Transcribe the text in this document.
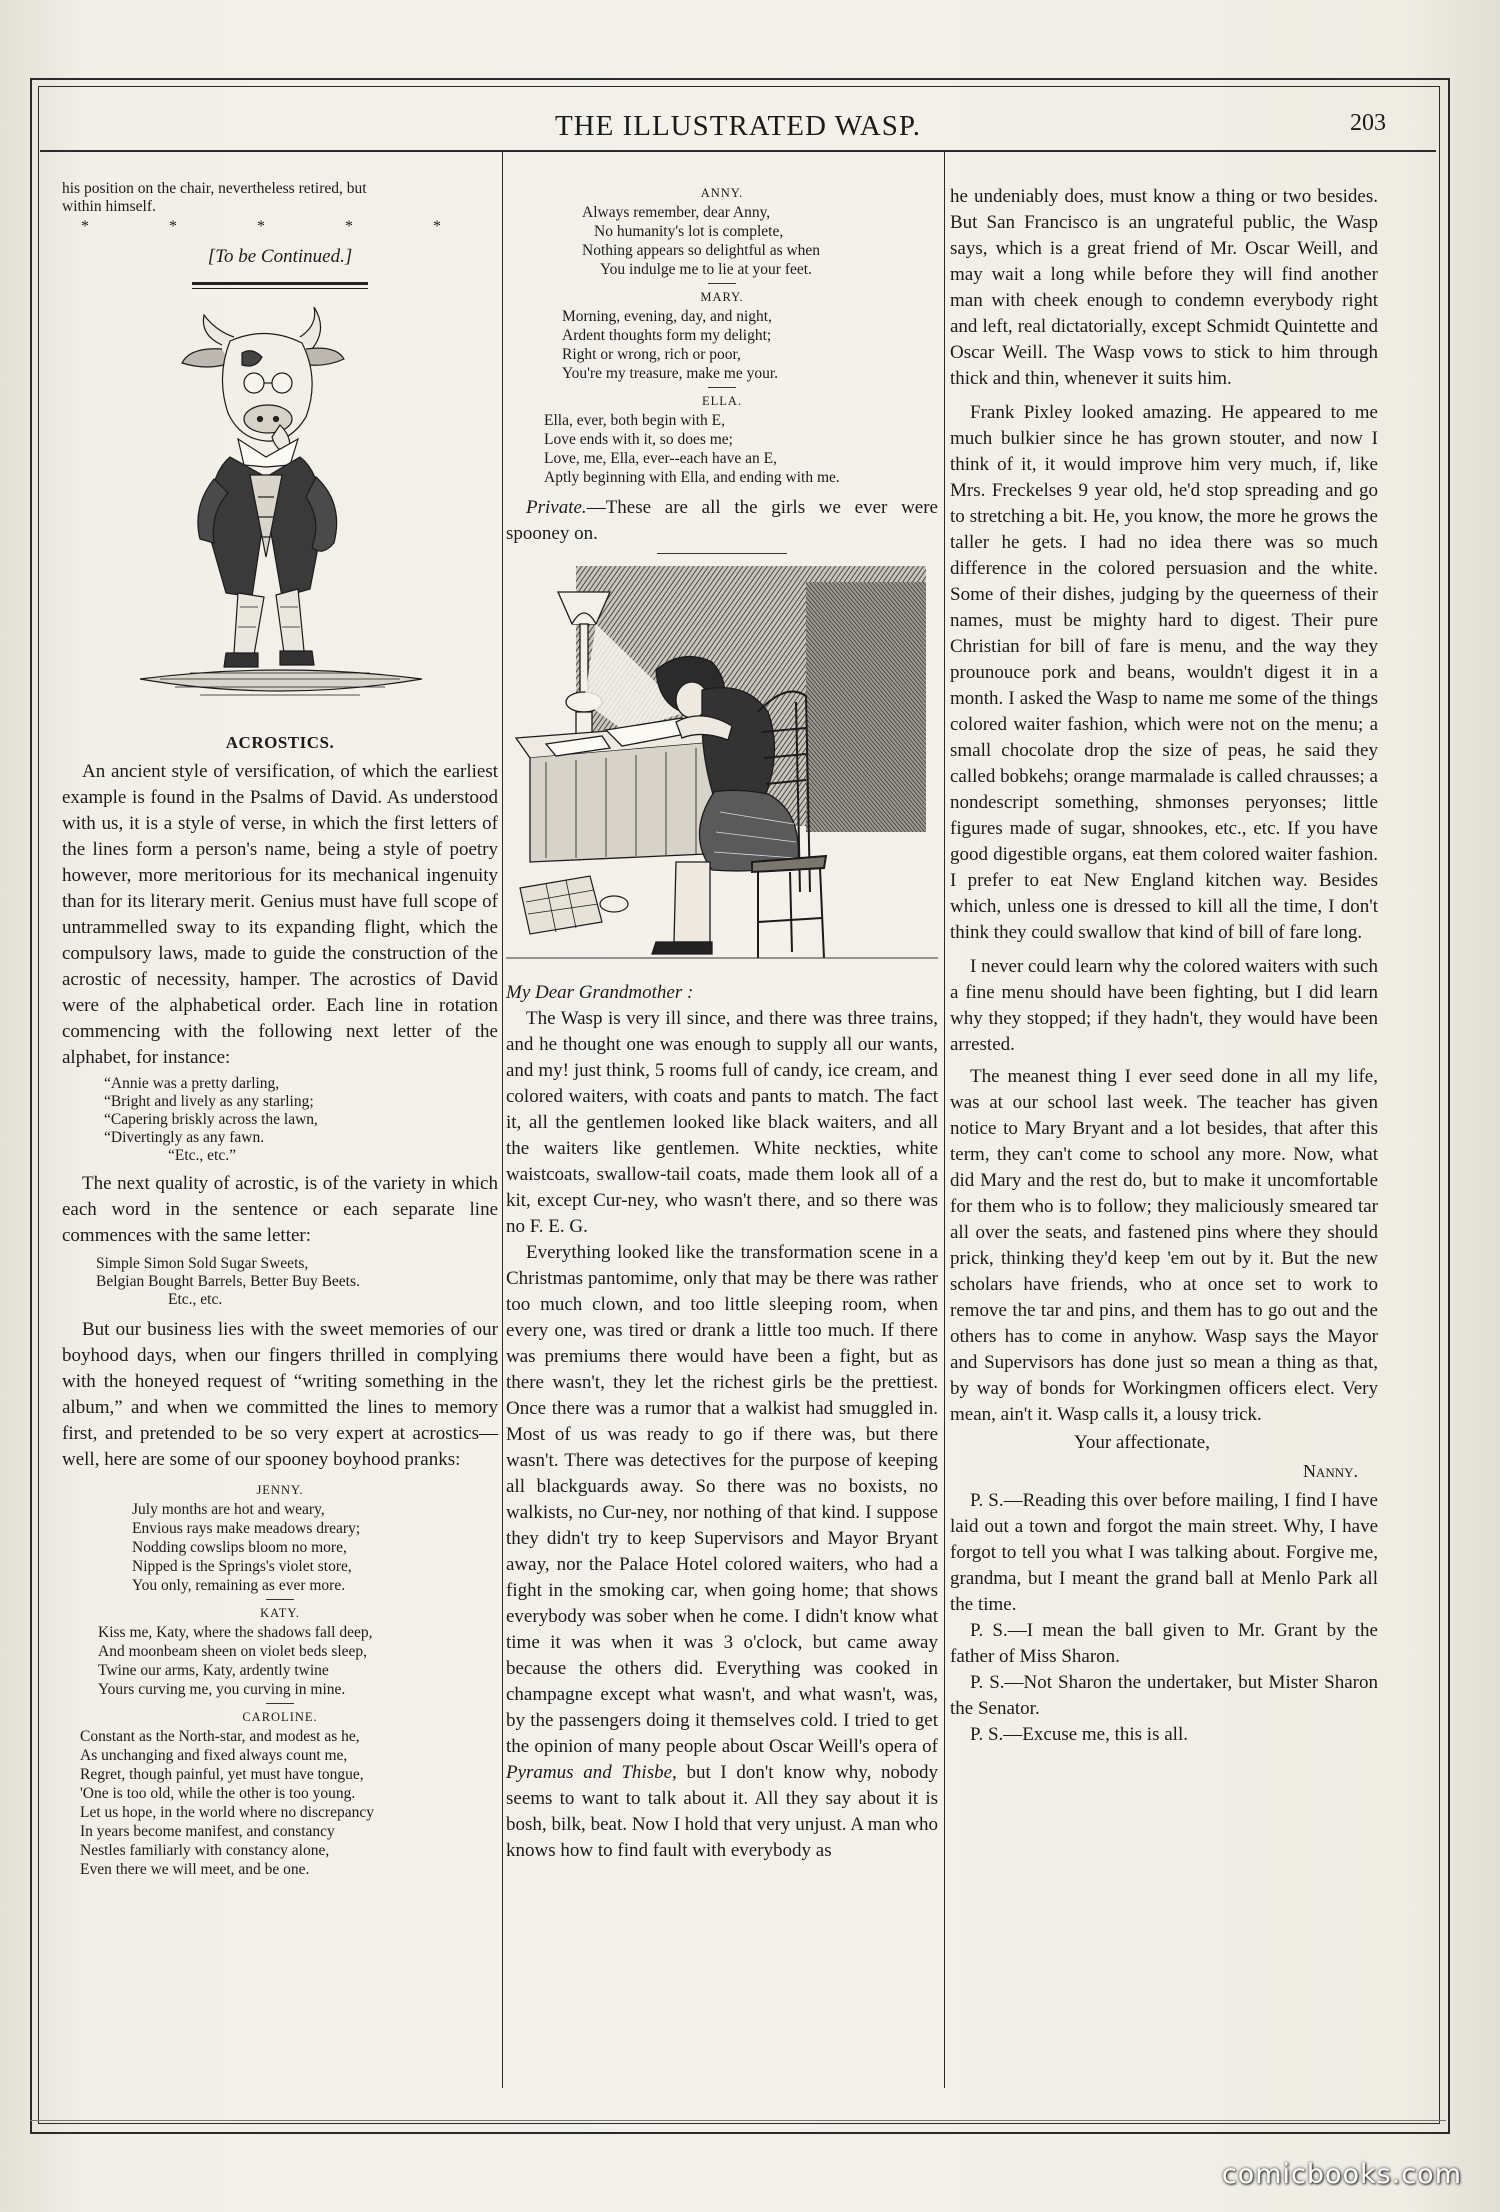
THE ILLUSTRATED WASP.	203
his position on the chair, nevertheless retired, but
within himself.
* * * * *
[To be Continued.]
ACROSTICS.

An ancient style of versification, of which the earliest example is found in the Psalms of David. As understood with us, it is a style of verse, in which the first letters of the lines form a person's name, being a style of poetry however, more meritorious for its mechanical ingenuity than for its literary merit. Genius must have full scope of untrammelled sway to its expanding flight, which the compulsory laws, made to guide the construction of the acrostic of necessity, hamper. The acrostics of David were of the alphabetical order. Each line in rotation commencing with the following next letter of the alphabet, for instance:

“Annie was a pretty darling,
“Bright and lively as any starling;
“Capering briskly across the lawn,
“Divertingly as any fawn.
“Etc., etc.”

The next quality of acrostic, is of the variety in which each word in the sentence or each separate line commences with the same letter:

Simple Simon Sold Sugar Sweets,
Belgian Bought Barrels, Better Buy Beets.
Etc., etc.

But our business lies with the sweet memories of our boyhood days, when our fingers thrilled in complying with the honeyed request of “writing something in the album,” and when we committed the lines to memory first, and pretended to be so very expert at acrostics—well, here are some of our spooney boyhood pranks:

JENNY.
July months are hot and weary,
Envious rays make meadows dreary;
Nodding cowslips bloom no more,
Nipped is the Springs's violet store,
You only, remaining as ever more.
KATY.
Kiss me, Katy, where the shadows fall deep,
And moonbeam sheen on violet beds sleep,
Twine our arms, Katy, ardently twine
Yours curving me, you curving in mine.
CAROLINE.
Constant as the North-star, and modest as he,
As unchanging and fixed always count me,
Regret, though painful, yet must have tongue,
'One is too old, while the other is too young.
Let us hope, in the world where no discrepancy
In years become manifest, and constancy
Nestles familiarly with constancy alone,
Even there we will meet, and be one.
ANNY.
Always remember, dear Anny,
No humanity's lot is complete,
Nothing appears so delightful as when
You indulge me to lie at your feet.
MARY.
Morning, evening, day, and night,
Ardent thoughts form my delight;
Right or wrong, rich or poor,
You're my treasure, make me your.
ELLA.
Ella, ever, both begin with E,
Love ends with it, so does me;
Love, me, Ella, ever--each have an E,
Aptly beginning with Ella, and ending with me.

Private.—These are all the girls we ever were spooney on.

My Dear Grandmother :

The Wasp is very ill since, and there was three trains, and he thought one was enough to supply all our wants, and my! just think, 5 rooms full of candy, ice cream, and colored waiters, with coats and pants to match. The fact it, all the gentlemen looked like black waiters, and all the waiters like gentlemen. White neckties, white waistcoats, swallow-tail coats, made them look all of a kit, except Cur-ney, who wasn't there, and so there was no F. E. G.

Everything looked like the transformation scene in a Christmas pantomime, only that may be there was rather too much clown, and too little sleeping room, when every one, was tired or drank a little too much. If there was premiums there would have been a fight, but as there wasn't, they let the richest girls be the prettiest. Once there was a rumor that a walkist had smuggled in. Most of us was ready to go if there was, but there wasn't. There was detectives for the purpose of keeping all blackguards away. So there was no boxists, no walkists, no Cur-ney, nor nothing of that kind. I suppose they didn't try to keep Supervisors and Mayor Bryant away, nor the Palace Hotel colored waiters, who had a fight in the smoking car, when going home; that shows everybody was sober when he come. I didn't know what time it was when it was 3 o'clock, but came away because the others did. Everything was cooked in champagne except what wasn't, and what wasn't, was, by the passengers doing it themselves cold. I tried to get the opinion of many people about Oscar Weill's opera of Pyramus and Thisbe, but I don't know why, nobody seems to want to talk about it. All they say about it is bosh, bilk, beat. Now I hold that very unjust. A man who knows how to find fault with everybody as

he undeniably does, must know a thing or two besides. But San Francisco is an ungrateful public, the Wasp says, which is a great friend of Mr. Oscar Weill, and may wait a long while before they will find another man with cheek enough to condemn everybody right and left, real dictatorially, except Schmidt Quintette and Oscar Weill. The Wasp vows to stick to him through thick and thin, whenever it suits him.

Frank Pixley looked amazing. He appeared to me much bulkier since he has grown stouter, and now I think of it, it would improve him very much, if, like Mrs. Freckelses 9 year old, he'd stop spreading and go to stretching a bit. He, you know, the more he grows the taller he gets. I had no idea there was so much difference in the colored persuasion and the white. Some of their dishes, judging by the queerness of their names, must be mighty hard to digest. Their pure Christian for bill of fare is menu, and the way they prounouce pork and beans, wouldn't digest it in a month. I asked the Wasp to name me some of the things colored waiter fashion, which were not on the menu; a small chocolate drop the size of peas, he said they called bobkehs; orange marmalade is called chrausses; a nondescript something, shmonses peryonses; little figures made of sugar, shnookes, etc., etc. If you have good digestible organs, eat them colored waiter fashion. I prefer to eat New England kitchen way. Besides which, unless one is dressed to kill all the time, I don't think they could swallow that kind of bill of fare long.

I never could learn why the colored waiters with such a fine menu should have been fighting, but I did learn why they stopped; if they hadn't, they would have been arrested.

The meanest thing I ever seed done in all my life, was at our school last week. The teacher has given notice to Mary Bryant and a lot besides, that after this term, they can't come to school any more. Now, what did Mary and the rest do, but to make it uncomfortable for them who is to follow; they maliciously smeared tar all over the seats, and fastened pins where they should prick, thinking they'd keep 'em out by it. But the new scholars have friends, who at once set to work to remove the tar and pins, and them has to go out and the others has to come in anyhow. Wasp says the Mayor and Supervisors has done just so mean a thing as that, by way of bonds for Workingmen officers elect. Very mean, ain't it. Wasp calls it, a lousy trick.

Your affectionate,

Nanny.

P. S.—Reading this over before mailing, I find I have laid out a town and forgot the main street. Why, I have forgot to tell you what I was talking about. Forgive me, grandma, but I meant the grand ball at Menlo Park all the time.

P. S.—I mean the ball given to Mr. Grant by the father of Miss Sharon.

P. S.—Not Sharon the undertaker, but Mister Sharon the Senator.

P. S.—Excuse me, this is all.

comicbooks.com
